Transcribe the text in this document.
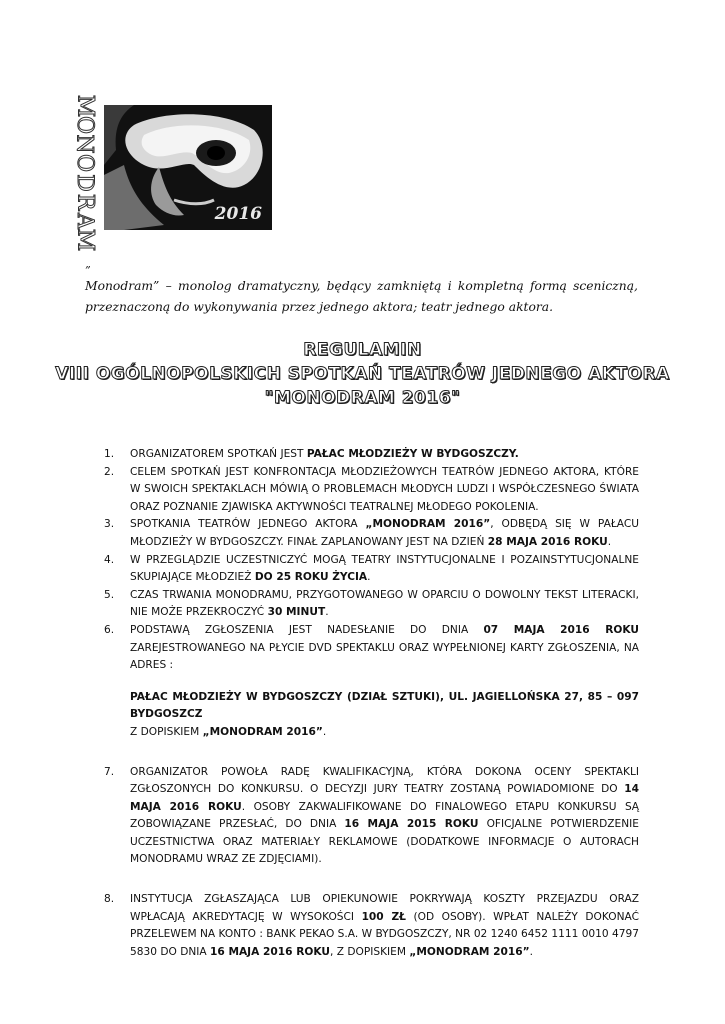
M
O
N
O
D
R
A
M
2016
”
Monodram” – monolog dramatyczny, będący zamkniętą i kompletną formą sceniczną,
przeznaczoną do wykonywania przez jednego aktora; teatr jednego aktora.
REGULAMIN
VIII OGÓLNOPOLSKICH SPOTKAŃ TEATRÓW JEDNEGO AKTORA
"MONODRAM 2016"
1.	ORGANIZATOREM SPOTKAŃ JEST PAŁAC MŁODZIEŻY W BYDGOSZCZY.
2.	CELEM SPOTKAŃ JEST KONFRONTACJA MŁODZIEŻOWYCH TEATRÓW JEDNEGO AKTORA, KTÓRE W SWOICH SPEKTAKLACH MÓWIĄ O PROBLEMACH MŁODYCH LUDZI I WSPÓŁCZESNEGO ŚWIATA ORAZ POZNANIE ZJAWISKA AKTYWNOŚCI TEATRALNEJ MŁODEGO POKOLENIA.
3.	SPOTKANIA TEATRÓW JEDNEGO AKTORA „MONODRAM 2016”, ODBĘDĄ SIĘ W PAŁACU MŁODZIEŻY W BYDGOSZCZY. FINAŁ ZAPLANOWANY JEST NA DZIEŃ 28 MAJA 2016 ROKU.
4.	W PRZEGLĄDZIE UCZESTNICZYĆ MOGĄ TEATRY INSTYTUCJONALNE I POZAINSTYTUCJONALNE SKUPIAJĄCE MŁODZIEŻ DO 25 ROKU ŻYCIA.
5.	CZAS TRWANIA MONODRAMU, PRZYGOTOWANEGO W OPARCIU O DOWOLNY TEKST LITERACKI, NIE MOŻE PRZEKROCZYĆ 30 MINUT.
6.	PODSTAWĄ ZGŁOSZENIA JEST NADESŁANIE DO DNIA 07 MAJA 2016 ROKU ZAREJESTROWANEGO NA PŁYCIE DVD SPEKTAKLU ORAZ WYPEŁNIONEJ KARTY ZGŁOSZENIA, NA ADRES :
PAŁAC MŁODZIEŻY W BYDGOSZCZY (DZIAŁ SZTUKI), UL. JAGIELLOŃSKA 27, 85 – 097 BYDGOSZCZ
Z DOPISKIEM „MONODRAM 2016”.
7.	ORGANIZATOR POWOŁA RADĘ KWALIFIKACYJNĄ, KTÓRA DOKONA OCENY SPEKTAKLI ZGŁOSZONYCH DO KONKURSU. O DECYZJI JURY TEATRY ZOSTANĄ POWIADOMIONE DO 14 MAJA 2016 ROKU. OSOBY ZAKWALIFIKOWANE DO FINALOWEGO ETAPU KONKURSU SĄ ZOBOWIĄZANE PRZESŁAĆ, DO DNIA 16 MAJA 2015 ROKU OFICJALNE POTWIERDZENIE UCZESTNICTWA ORAZ MATERIAŁY REKLAMOWE (DODATKOWE INFORMACJE O AUTORACH MONODRAMU WRAZ ZE ZDJĘCIAMI).
8.	INSTYTUCJA ZGŁASZAJĄCA LUB OPIEKUNOWIE POKRYWAJĄ KOSZTY PRZEJAZDU ORAZ WPŁACAJĄ AKREDYTACJĘ W WYSOKOŚCI 100 ZŁ (OD OSOBY). WPŁAT NALEŻY DOKONAĆ PRZELEWEM NA KONTO : BANK PEKAO S.A. W BYDGOSZCZY, NR 02 1240 6452 1111 0010 4797 5830 DO DNIA 16 MAJA 2016 ROKU, Z DOPISKIEM „MONODRAM 2016”.
